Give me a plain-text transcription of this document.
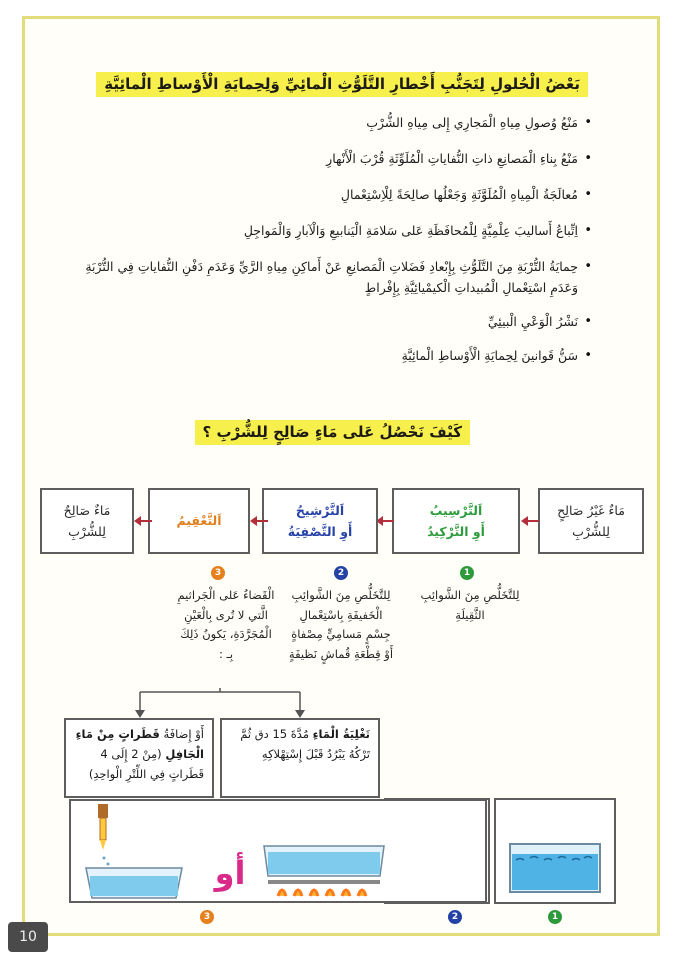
بَعْضُ الْحُلولِ لِتَجَنُّبِ أَخْطارِ التَّلَوُّثِ الْمائِيِّ وَلِحِمايَةِ الْأَوْساطِ الْمائِيَّةِ
• مَنْعُ وُصولِ مِياهِ الْمَجارِي إِلى مِياهِ الشُّرْبِ
• مَنْعُ بِناءِ الْمَصانِعِ ذاتِ النُّفاياتِ الْمُلَوِّثَةِ قُرْبَ الْأَنْهارِ
• مُعالَجَةُ الْمِياهِ الْمُلَوَّثَةِ وَجَعْلُها صالِحَةً لِلْاِسْتِعْمالِ
• اِتِّباعُ أَساليبَ عِلْمِيَّةٍ لِلْمُحافَظَةِ عَلى سَلامَةِ الْيَنابيعِ وَالْآبارِ وَالْمَواجِلِ
• حِمايَةُ التُّرْبَةِ مِنَ التَّلَوُّثِ بِإِبْعادِ فَضَلاتِ الْمَصانِعِ عَنْ أَماكِنِ مِياهِ الرَّيِّ وَعَدَمِ دَفْنِ النُّفاياتِ فِي التُّرْبَةِ وَعَدَمِ اسْتِعْمالِ الْمُبيداتِ الْكيمْيائِيَّةِ بِإِفْراطٍ
• نَشْرُ الْوَعْيِ الْبيئِيِّ
• سَنُّ قَوانينَ لِحِمايَةِ الْأَوْساطِ الْمائِيَّةِ
كَيْفَ نَحْصُلُ عَلى مَاءٍ صَالِحٍ لِلشُّرْبِ ؟
مَاءٌ غَيْرُ صَالِحٍ
لِلشُّرْبِ
اَلتَّرْسِيبُ
أَوِ التَّرْكِيدُ
1
اَلتَّرْشِيحُ
أَوِ التَّصْفِيَةُ
2
اَلتَّعْقِيمُ
3
مَاءٌ صَالِحٌ
لِلشُّرْبِ
لِلتَّخَلُّصِ مِنَ الشَّوائِبِ الثَّقِيلَةِ
لِلتَّخَلُّصِ مِنَ الشَّوائِبِ الْخَفيفَةِ بِاسْتِعْمالِ جِسْمٍ مَسامِيٍّ مِصْفاةٍ أَوْ قِطْعَةِ قُماشٍ نَظيفَةٍ
الْقَضاءُ عَلى الْجَراثيمِ الَّتي لا تُرى بِالْعَيْنِ الْمُجَرَّدَةِ، يَكونُ ذَلِكَ بِـ :
تَغْلِيَةُ الْمَاءِ مُدَّةَ 15 دق ثُمَّ تَرْكُهُ يَبْرُدُ قَبْلَ إِسْتِهْلاكِهِ
أَوْ إِضافَةُ قَطَراتٍ مِنْ مَاءِ الْجَافِلِ (مِنْ 2 إِلَى 4 قَطَراتٍ فِي اللِّتْرِ الْواحِدِ)
1
2
أو
3
10
